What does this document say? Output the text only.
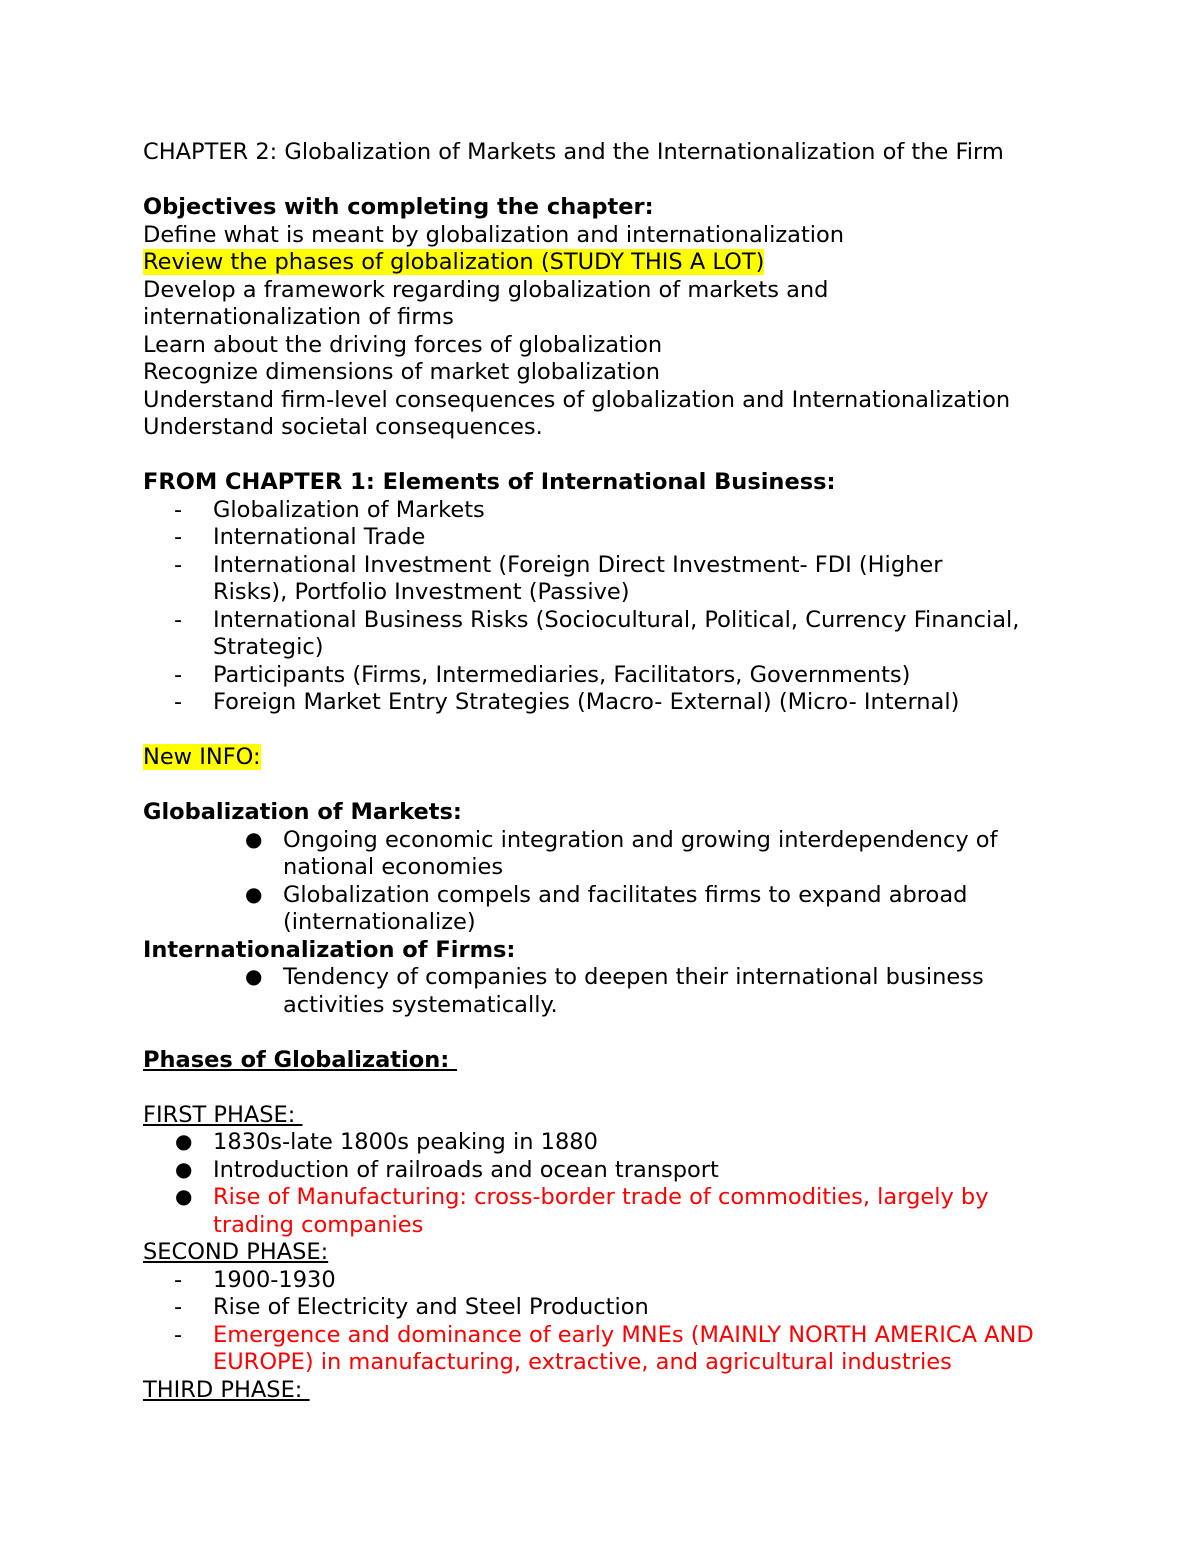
CHAPTER 2: Globalization of Markets and the Internationalization of the Firm
Objectives with completing the chapter:
Define what is meant by globalization and internationalization
Review the phases of globalization (STUDY THIS A LOT)
Develop a framework regarding globalization of markets and
internationalization of firms
Learn about the driving forces of globalization
Recognize dimensions of market globalization
Understand firm-level consequences of globalization and Internationalization
Understand societal consequences.
FROM CHAPTER 1: Elements of International Business:
- Globalization of Markets
- International Trade
- International Investment (Foreign Direct Investment- FDI (Higher Risks), Portfolio Investment (Passive)
- International Business Risks (Sociocultural, Political, Currency Financial, Strategic)
- Participants (Firms, Intermediaries, Facilitators, Governments)
- Foreign Market Entry Strategies (Macro- External) (Micro- Internal)
New INFO:
Globalization of Markets:
● Ongoing economic integration and growing interdependency of national economies
● Globalization compels and facilitates firms to expand abroad (internationalize)
Internationalization of Firms:
● Tendency of companies to deepen their international business activities systematically.
Phases of Globalization:
FIRST PHASE:
● 1830s-late 1800s peaking in 1880
● Introduction of railroads and ocean transport
● Rise of Manufacturing: cross-border trade of commodities, largely by trading companies
SECOND PHASE:
- 1900-1930
- Rise of Electricity and Steel Production
- Emergence and dominance of early MNEs (MAINLY NORTH AMERICA AND EUROPE) in manufacturing, extractive, and agricultural industries
THIRD PHASE:
